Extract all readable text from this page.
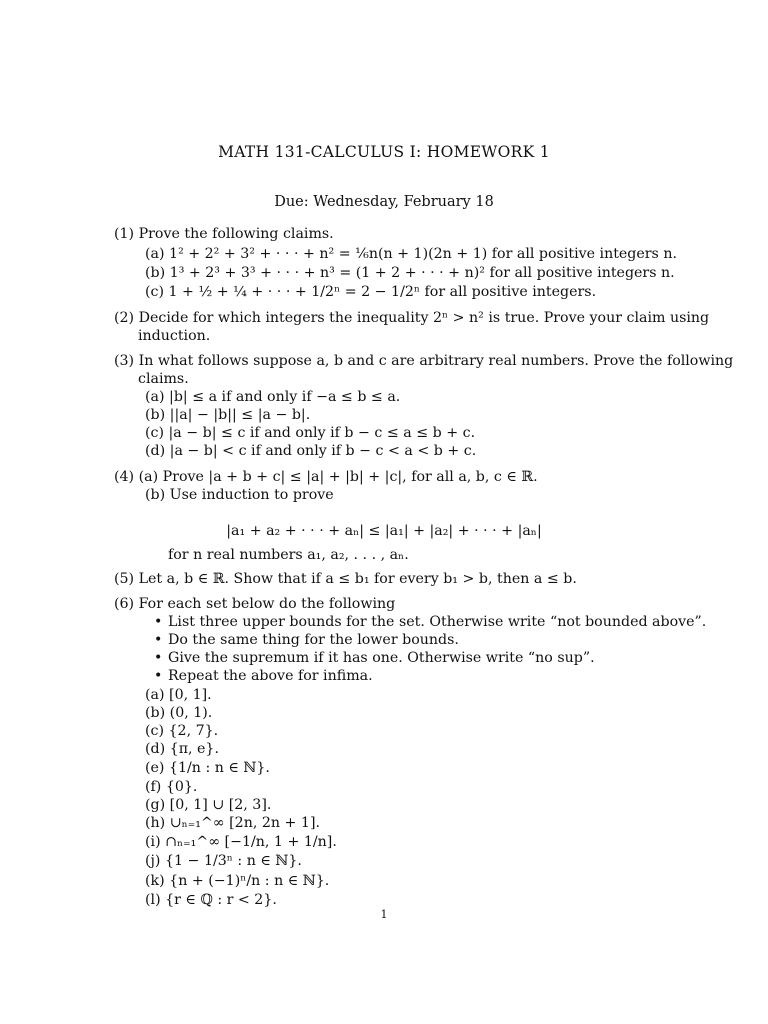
MATH 131-CALCULUS I: HOMEWORK 1
Due: Wednesday, February 18
(1) Prove the following claims.
(a) 1² + 2² + 3² + · · · + n² = ⅙n(n + 1)(2n + 1) for all positive integers n.
(b) 1³ + 2³ + 3³ + · · · + n³ = (1 + 2 + · · · + n)² for all positive integers n.
(c) 1 + ½ + ¼ + · · · + 1/2ⁿ = 2 − 1/2ⁿ for all positive integers.
(2) Decide for which integers the inequality 2ⁿ > n² is true. Prove your claim using
induction.
(3) In what follows suppose a, b and c are arbitrary real numbers. Prove the following
claims.
(a) |b| ≤ a if and only if −a ≤ b ≤ a.
(b) ||a| − |b|| ≤ |a − b|.
(c) |a − b| ≤ c if and only if b − c ≤ a ≤ b + c.
(d) |a − b| < c if and only if b − c < a < b + c.
(4) (a) Prove |a + b + c| ≤ |a| + |b| + |c|, for all a, b, c ∈ ℝ.
(b) Use induction to prove
|a₁ + a₂ + · · · + aₙ| ≤ |a₁| + |a₂| + · · · + |aₙ|
for n real numbers a₁, a₂, . . . , aₙ.
(5) Let a, b ∈ ℝ. Show that if a ≤ b₁ for every b₁ > b, then a ≤ b.
(6) For each set below do the following
• List three upper bounds for the set. Otherwise write “not bounded above”.
• Do the same thing for the lower bounds.
• Give the supremum if it has one. Otherwise write “no sup”.
• Repeat the above for infima.
(a) [0, 1].
(b) (0, 1).
(c) {2, 7}.
(d) {π, e}.
(e) {1/n : n ∈ ℕ}.
(f) {0}.
(g) [0, 1] ∪ [2, 3].
(h) ∪ₙ₌₁^∞ [2n, 2n + 1].
(i) ∩ₙ₌₁^∞ [−1/n, 1 + 1/n].
(j) {1 − 1/3ⁿ : n ∈ ℕ}.
(k) {n + (−1)ⁿ/n : n ∈ ℕ}.
(l) {r ∈ ℚ : r < 2}.
1
